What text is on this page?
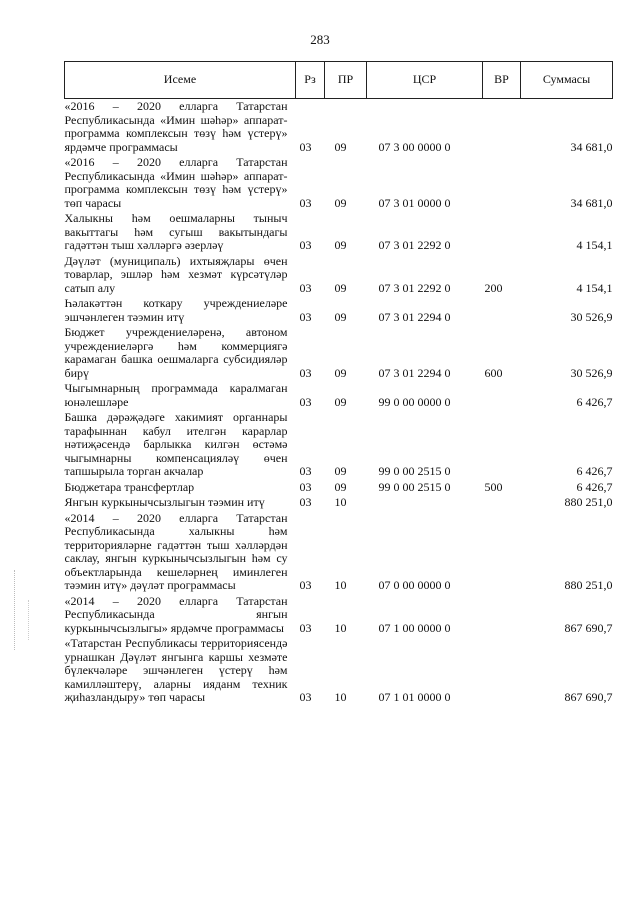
283
Исеме	Рз	ПР	ЦСР	ВР	Суммасы
«2016 – 2020 елларга Татарстан Республикасында «Имин шәһәр» аппарат-программа комплексын төзү һәм үстерү» ярдәмче программасы	03	09	07 3 00 0000 0		34 681,0
«2016 – 2020 елларга Татарстан Республикасында «Имин шәһәр» аппарат-программа комплексын төзү һәм үстерү» төп чарасы	03	09	07 3 01 0000 0		34 681,0
Халыкны һәм оешмаларны тыныч вакыттагы һәм сугыш вакытындагы гадәттән тыш хәлләргә әзерләү	03	09	07 3 01 2292 0		4 154,1
Дәүләт (муниципаль) ихтыяҗлары өчен товарлар, эшләр һәм хезмәт күрсәтүләр сатып алу	03	09	07 3 01 2292 0	200	4 154,1
Һәлакәттән коткару учреждениеләре эшчәнлеген тәэмин итү	03	09	07 3 01 2294 0		30 526,9
Бюджет учреждениеләренә, автоном учреждениеләргә һәм коммерциягә карамаган башка оешмаларга субсидияләр бирү	03	09	07 3 01 2294 0	600	30 526,9
Чыгымнарның программада каралмаган юнәлешләре	03	09	99 0 00 0000 0		6 426,7
Башка дәрәҗәдәге хакимият органнары тарафыннан кабул ителгән карарлар нәтиҗәсендә барлыкка килгән өстәмә чыгымнарны компенсацияләү өчен тапшырыла торган акчалар	03	09	99 0 00 2515 0		6 426,7
Бюджетара трансфертлар	03	09	99 0 00 2515 0	500	6 426,7
Янгын куркынычсызлыгын тәэмин итү	03	10			880 251,0
«2014 – 2020 елларга Татарстан Республикасында халыкны һәм территорияләрне гадәттән тыш хәлләрдән саклау, янгын куркынычсызлыгын һәм су объектларында кешеләрнең иминлеген тәэмин итү» дәүләт программасы	03	10	07 0 00 0000 0		880 251,0
«2014 – 2020 елларга Татарстан Республикасында янгын куркынычсызлыгы» ярдәмче программасы	03	10	07 1 00 0000 0		867 690,7
«Татарстан Республикасы территориясендә урнашкан Дәүләт янгынга каршы хезмәте бүлекчәләре эшчәнлеген үстерү һәм камилләштерү, аларны ияданм техник җиһазландыру» төп чарасы	03	10	07 1 01 0000 0		867 690,7
